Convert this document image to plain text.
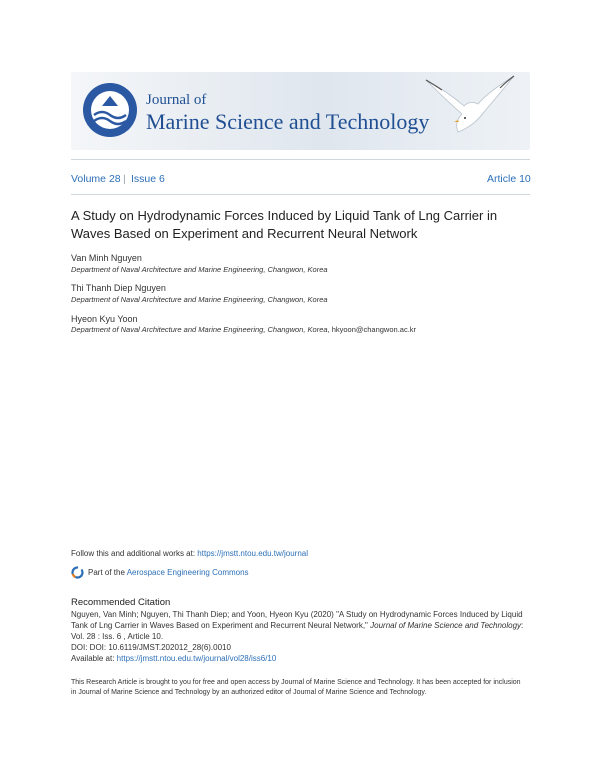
Journal of
Marine Science and Technology
Volume 28 | Issue 6	Article 10
A Study on Hydrodynamic Forces Induced by Liquid Tank of Lng Carrier in Waves Based on Experiment and Recurrent Neural Network
Van Minh Nguyen
Department of Naval Architecture and Marine Engineering, Changwon, Korea
Thi Thanh Diep Nguyen
Department of Naval Architecture and Marine Engineering, Changwon, Korea
Hyeon Kyu Yoon
Department of Naval Architecture and Marine Engineering, Changwon, Korea, hkyoon@changwon.ac.kr
Follow this and additional works at: https://jmstt.ntou.edu.tw/journal
Part of the Aerospace Engineering Commons
Recommended Citation
Nguyen, Van Minh; Nguyen, Thi Thanh Diep; and Yoon, Hyeon Kyu (2020) "A Study on Hydrodynamic Forces Induced by Liquid Tank of Lng Carrier in Waves Based on Experiment and Recurrent Neural Network," Journal of Marine Science and Technology: Vol. 28 : Iss. 6 , Article 10.
DOI: DOI: 10.6119/JMST.202012_28(6).0010
Available at: https://jmstt.ntou.edu.tw/journal/vol28/iss6/10
This Research Article is brought to you for free and open access by Journal of Marine Science and Technology. It has been accepted for inclusion in Journal of Marine Science and Technology by an authorized editor of Journal of Marine Science and Technology.
